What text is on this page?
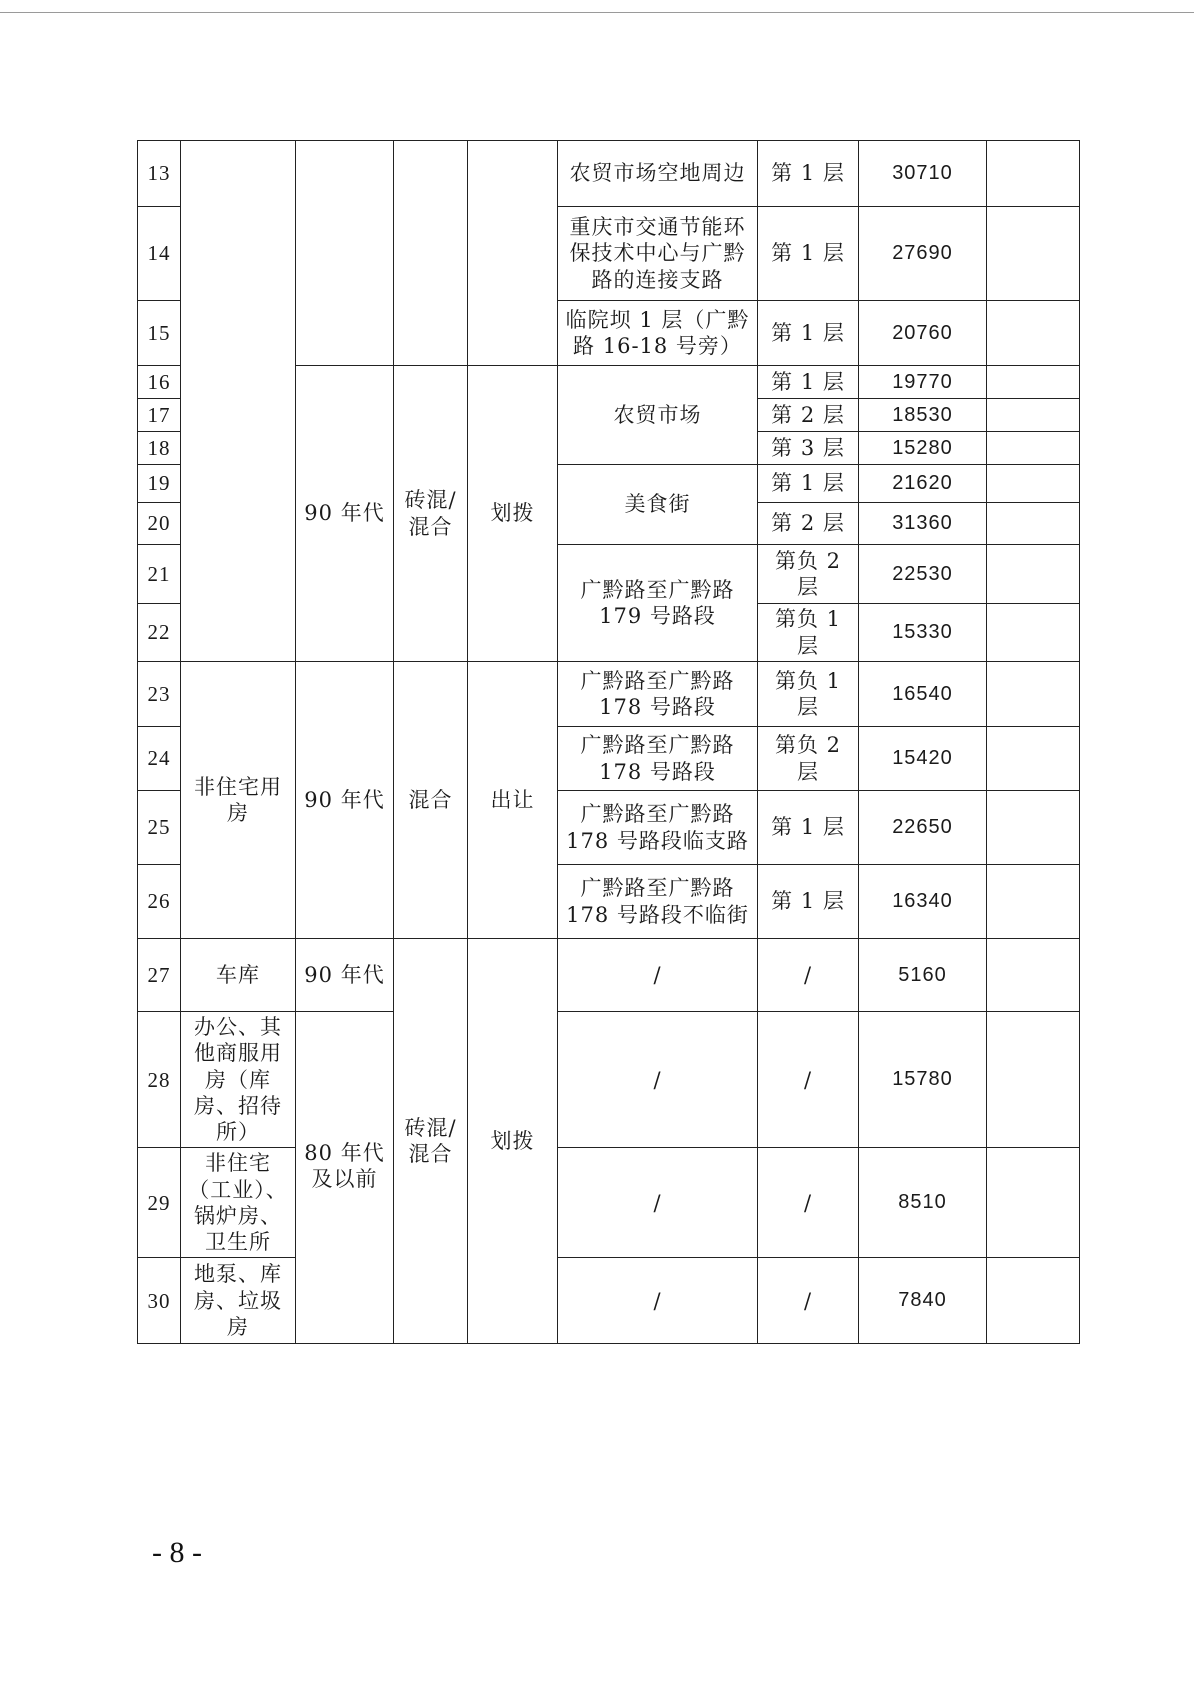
13					农贸市场空地周边	第 1 层	30710	
14					重庆市交通节能环保技术中心与广黔路的连接支路	第 1 层	27690	
15					临院坝 1 层（广黔路 16-18 号旁）	第 1 层	20760	
16		90 年代	砖混/混合	划拨	农贸市场	第 1 层	19770	
17						第 2 层	18530	
18						第 3 层	15280	
19					美食街	第 1 层	21620	
20						第 2 层	31360	
21					广黔路至广黔路 179 号路段	第负 2 层	22530	
22						第负 1 层	15330	
23	非住宅用房	90 年代	混合	出让	广黔路至广黔路 178 号路段	第负 1 层	16540	
24					广黔路至广黔路 178 号路段	第负 2 层	15420	
25					广黔路至广黔路 178 号路段临支路	第 1 层	22650	
26					广黔路至广黔路 178 号路段不临街	第 1 层	16340	
27	车库	90 年代	砖混/混合	划拨	/	/	5160	
28	办公、其他商服用房（库房、招待所）	80 年代及以前			/	/	15780	
29	非住宅（工业）、锅炉房、卫生所				/	/	8510	
30	地泵、库房、垃圾房				/	/	7840	
- 8 -
